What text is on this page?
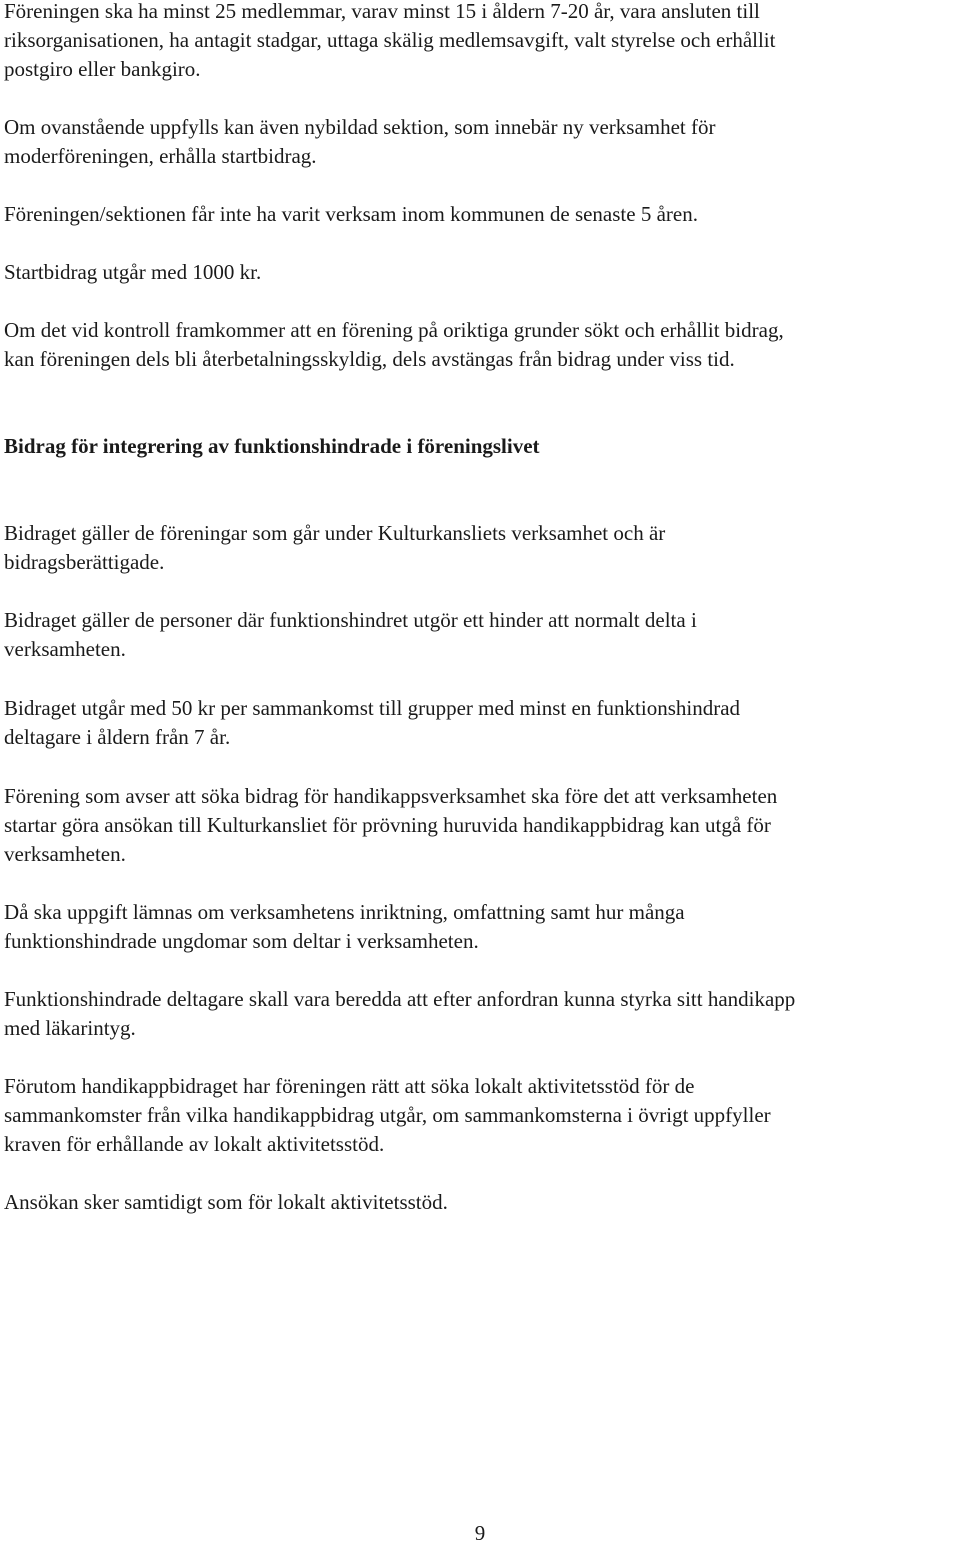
Föreningen ska ha minst 25 medlemmar, varav minst 15 i åldern 7-20 år, vara ansluten till
riksorganisationen, ha antagit stadgar, uttaga skälig medlemsavgift, valt styrelse och erhållit
postgiro eller bankgiro.

Om ovanstående uppfylls kan även nybildad sektion, som innebär ny verksamhet för
moderföreningen, erhålla startbidrag.

Föreningen/sektionen får inte ha varit verksam inom kommunen de senaste 5 åren.

Startbidrag utgår med 1000 kr.

Om det vid kontroll framkommer att en förening på oriktiga grunder sökt och erhållit bidrag,
kan föreningen dels bli återbetalningsskyldig, dels avstängas från bidrag under viss tid.

Bidrag för integrering av funktionshindrade i föreningslivet

Bidraget gäller de föreningar som går under Kulturkansliets verksamhet och är
bidragsberättigade.

Bidraget gäller de personer där funktionshindret utgör ett hinder att normalt delta i
verksamheten.

Bidraget utgår med 50 kr per sammankomst till grupper med minst en funktionshindrad
deltagare i åldern från 7 år.

Förening som avser att söka bidrag för handikappsverksamhet ska före det att verksamheten
startar göra ansökan till Kulturkansliet för prövning huruvida handikappbidrag kan utgå för
verksamheten.

Då ska uppgift lämnas om verksamhetens inriktning, omfattning samt hur många
funktionshindrade ungdomar som deltar i verksamheten.

Funktionshindrade deltagare skall vara beredda att efter anfordran kunna styrka sitt handikapp
med läkarintyg.

Förutom handikappbidraget har föreningen rätt att söka lokalt aktivitetsstöd för de
sammankomster från vilka handikappbidrag utgår, om sammankomsterna i övrigt uppfyller
kraven för erhållande av lokalt aktivitetsstöd.

Ansökan sker samtidigt som för lokalt aktivitetsstöd.

9
